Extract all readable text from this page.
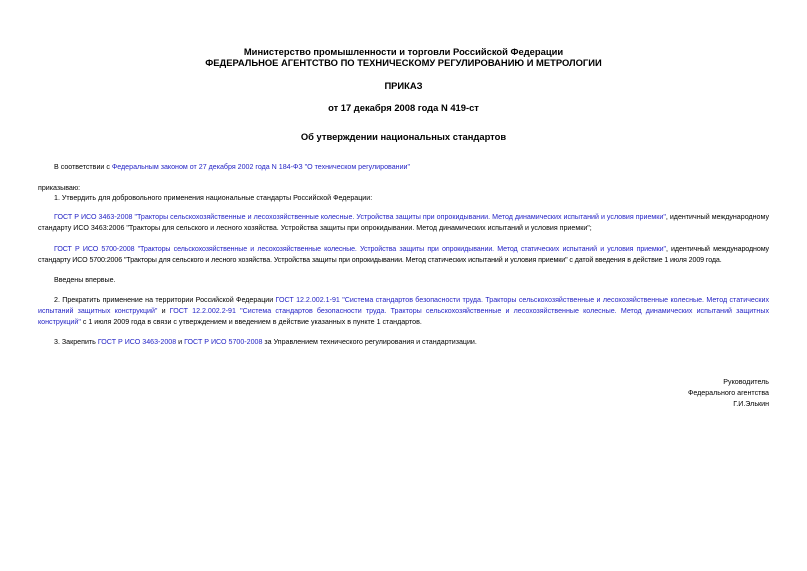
Министерство промышленности и торговли Российской Федерации
ФЕДЕРАЛЬНОЕ АГЕНТСТВО ПО ТЕХНИЧЕСКОМУ РЕГУЛИРОВАНИЮ И МЕТРОЛОГИИ
ПРИКАЗ
от 17 декабря 2008 года N 419-ст
Об утверждении национальных стандартов
В соответствии с Федеральным законом от 27 декабря 2002 года N 184-ФЗ "О техническом регулировании"
приказываю:
1. Утвердить для добровольного применения национальные стандарты Российской Федерации:
ГОСТ Р ИСО 3463-2008 "Тракторы сельскохозяйственные и лесохозяйственные колесные. Устройства защиты при опрокидывании. Метод динамических испытаний и условия приемки", идентичный международному стандарту ИСО 3463:2006 "Тракторы для сельского и лесного хозяйства. Устройства защиты при опрокидывании. Метод динамических испытаний и условия приемки";
ГОСТ Р ИСО 5700-2008 "Тракторы сельскохозяйственные и лесохозяйственные колесные. Устройства защиты при опрокидывании. Метод статических испытаний и условия приемки", идентичный международному стандарту ИСО 5700:2006 "Тракторы для сельского и лесного хозяйства. Устройства защиты при опрокидывании. Метод статических испытаний и условия приемки" с датой введения в действие 1 июля 2009 года.
Введены впервые.
2. Прекратить применение на территории Российской Федерации ГОСТ 12.2.002.1-91 "Система стандартов безопасности труда. Тракторы сельскохозяйственные и лесохозяйственные колесные. Метод статических испытаний защитных конструкций" и ГОСТ 12.2.002.2-91 "Система стандартов безопасности труда. Тракторы сельскохозяйственные и лесохозяйственные колесные. Метод динамических испытаний защитных конструкций" с 1 июля 2009 года в связи с утверждением и введением в действие указанных в пункте 1 стандартов.
3. Закрепить ГОСТ Р ИСО 3463-2008 и ГОСТ Р ИСО 5700-2008 за Управлением технического регулирования и стандартизации.
Руководитель
Федерального агентства
Г.И.Элькин
